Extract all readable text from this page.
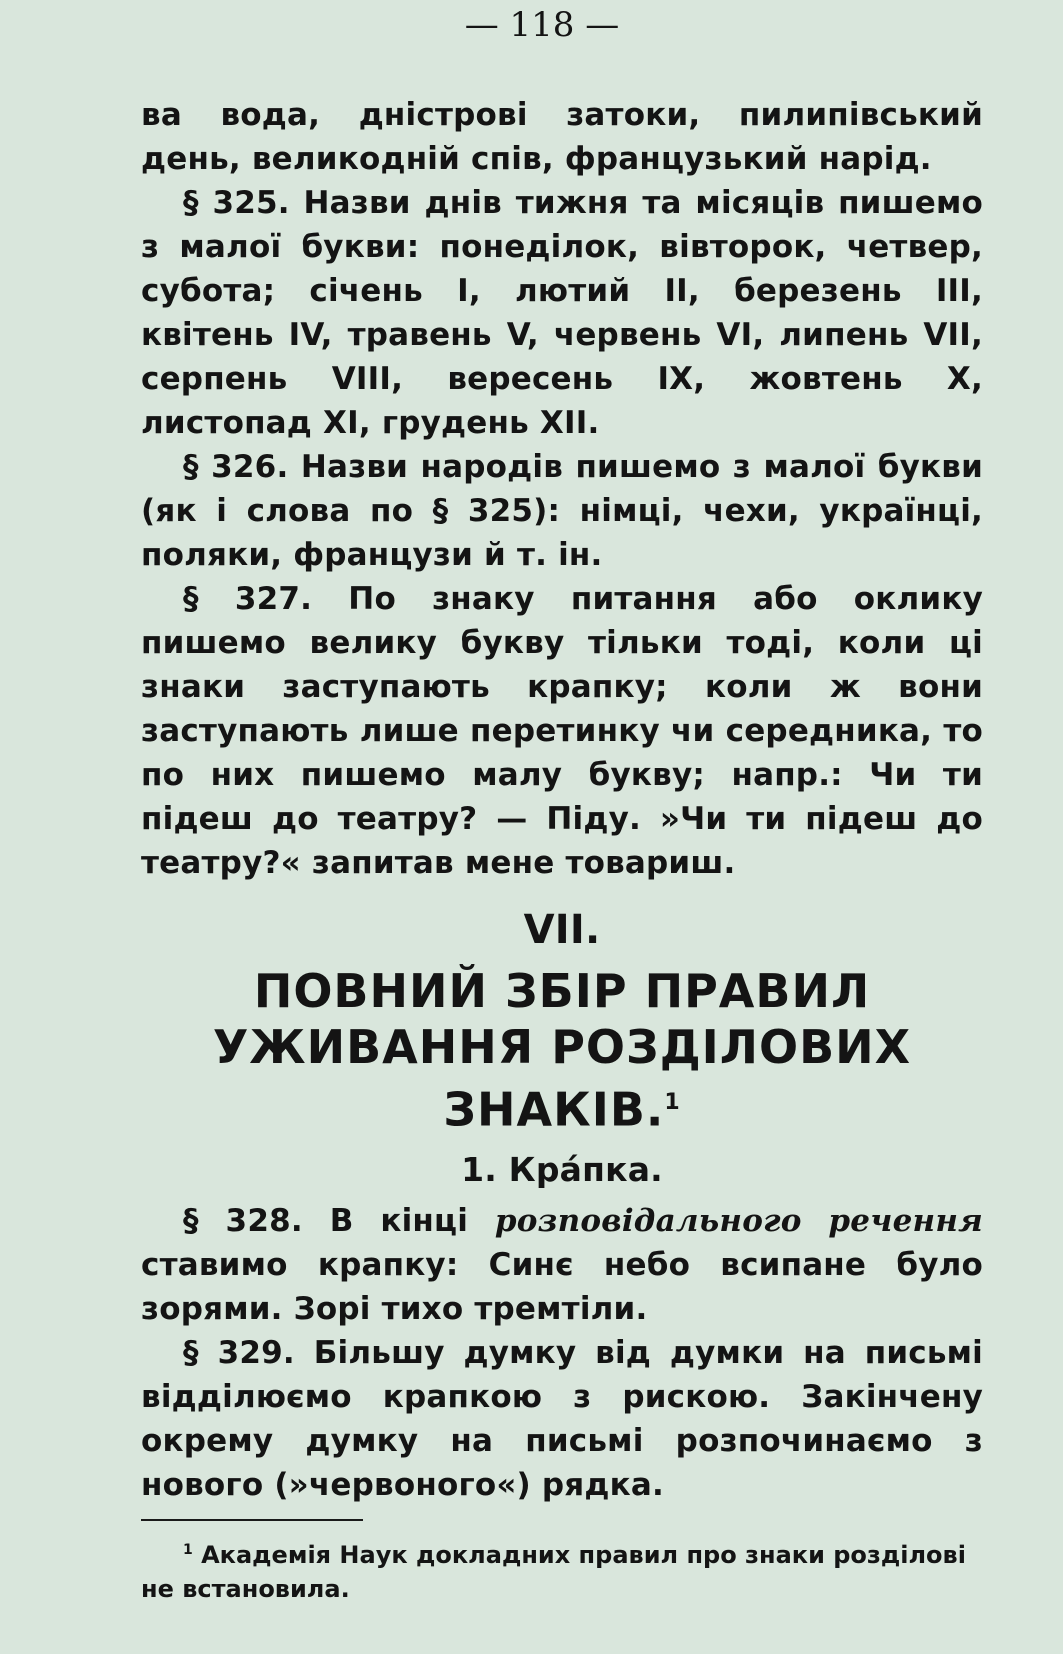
— 118 —

ва вода, дністрові затоки, пилипівський день, великодній спів, французький нарід.

§ 325. Назви днів тижня та місяців пишемо з малої букви: понеділок, вівторок, четвер, субота; січень I, лютий II, березень III, квітень IV, травень V, червень VI, липень VII, серпень VIII, вересень IX, жовтень X, листопад XI, грудень XII.

§ 326. Назви народів пишемо з малої букви (як і слова по § 325): німці, чехи, українці, поляки, французи й т. ін.

§ 327. По знаку питання або оклику пишемо велику букву тільки тоді, коли ці знаки заступають крапку; коли ж вони заступають лише перетинку чи середника, то по них пишемо малу букву; напр.: Чи ти підеш до театру? — Піду. »Чи ти підеш до театру?« запитав мене товариш.

VII.
ПОВНИЙ ЗБІР ПРАВИЛ УЖИВАННЯ РОЗДІЛОВИХ ЗНАКІВ.$^1$
1. Кра́пка.

§ 328. В кінці розповідального речення ставимо крапку: Синє небо всипане було зорями. Зорі тихо тремтіли.

§ 329. Більшу думку від думки на письмі відділюємо крапкою з рискою. Закінчену окрему думку на письмі розпочинаємо з нового (»червоного«) рядка.

$^1$ Академія Наук докладних правил про знаки розділові не встановила.
